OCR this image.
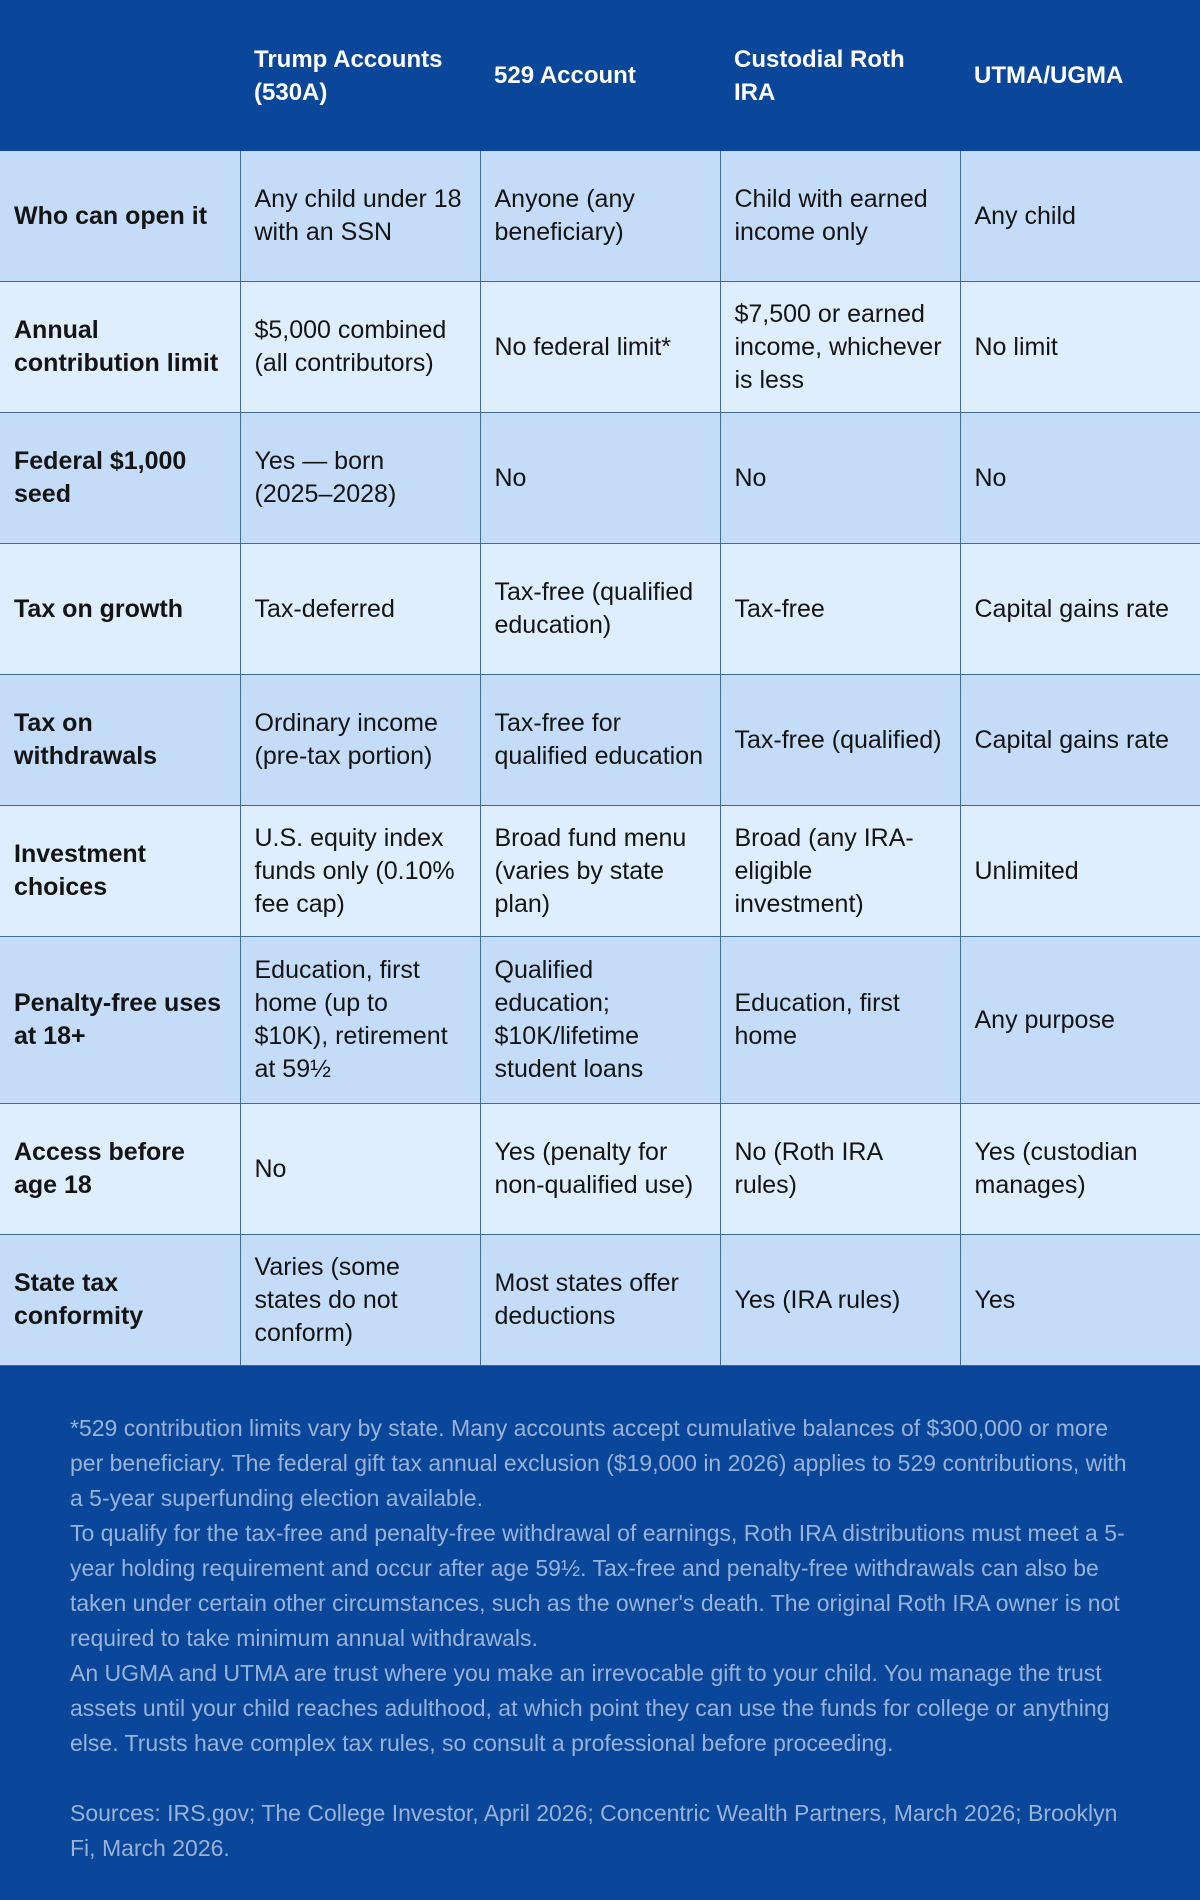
	Trump Accounts (530A)	529 Account	Custodial Roth IRA	UTMA/UGMA
Who can open it	Any child under 18 with an SSN	Anyone (any beneficiary)	Child with earned income only	Any child
Annual contribution limit	$5,000 combined (all contributors)	No federal limit*	$7,500 or earned income, whichever is less	No limit
Federal $1,000 seed	Yes — born (2025–2028)	No	No	No
Tax on growth	Tax-deferred	Tax-free (qualified education)	Tax-free	Capital gains rate
Tax on withdrawals	Ordinary income (pre-tax portion)	Tax-free for qualified education	Tax-free (qualified)	Capital gains rate
Investment choices	U.S. equity index funds only (0.10% fee cap)	Broad fund menu (varies by state plan)	Broad (any IRA-eligible investment)	Unlimited
Penalty-free uses at 18+	Education, first home (up to $10K), retirement at 59½	Qualified education; $10K/lifetime student loans	Education, first home	Any purpose
Access before age 18	No	Yes (penalty for non-qualified use)	No (Roth IRA rules)	Yes (custodian manages)
State tax conformity	Varies (some states do not conform)	Most states offer deductions	Yes (IRA rules)	Yes

*529 contribution limits vary by state. Many accounts accept cumulative balances of $300,000 or more per beneficiary. The federal gift tax annual exclusion ($19,000 in 2026) applies to 529 contributions, with a 5-year superfunding election available.

To qualify for the tax-free and penalty-free withdrawal of earnings, Roth IRA distributions must meet a 5-year holding requirement and occur after age 59½. Tax-free and penalty-free withdrawals can also be taken under certain other circumstances, such as the owner's death. The original Roth IRA owner is not required to take minimum annual withdrawals.

An UGMA and UTMA are trust where you make an irrevocable gift to your child. You manage the trust assets until your child reaches adulthood, at which point they can use the funds for college or anything else. Trusts have complex tax rules, so consult a professional before proceeding.

Sources: IRS.gov; The College Investor, April 2026; Concentric Wealth Partners, March 2026; Brooklyn Fi, March 2026.
